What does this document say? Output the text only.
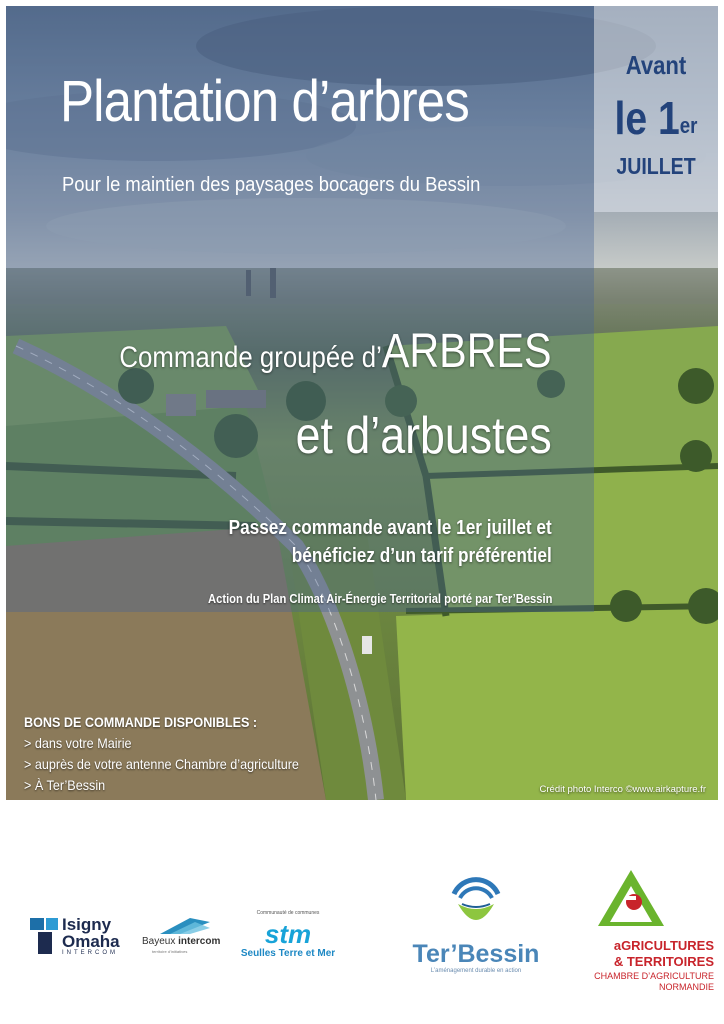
Plantation d’arbres
Pour le maintien des paysages bocagers du Bessin
Avant
le 1er
JUILLET
Commande groupée d’ARBRES
et d’arbustes
Passez commande avant le 1er juillet et
bénéficiez d’un tarif préférentiel
Action du Plan Climat Air-Énergie Territorial porté par Ter’Bessin
BONS DE COMMANDE DISPONIBLES :
> dans votre Mairie
> auprès de votre antenne Chambre d’agriculture
> À Ter’Bessin	Crédit photo Interco ©www.airkapture.fr
Isigny
Omaha
INTERCOM
Bayeux intercom
territoire d’initiatives
Communauté de communes
stm
Seulles Terre et Mer	Ter’Bessin
L’aménagement durable en action
aGRICULTURES
& TERRITOIRES
CHAMBRE D’AGRICULTURE
NORMANDIE
